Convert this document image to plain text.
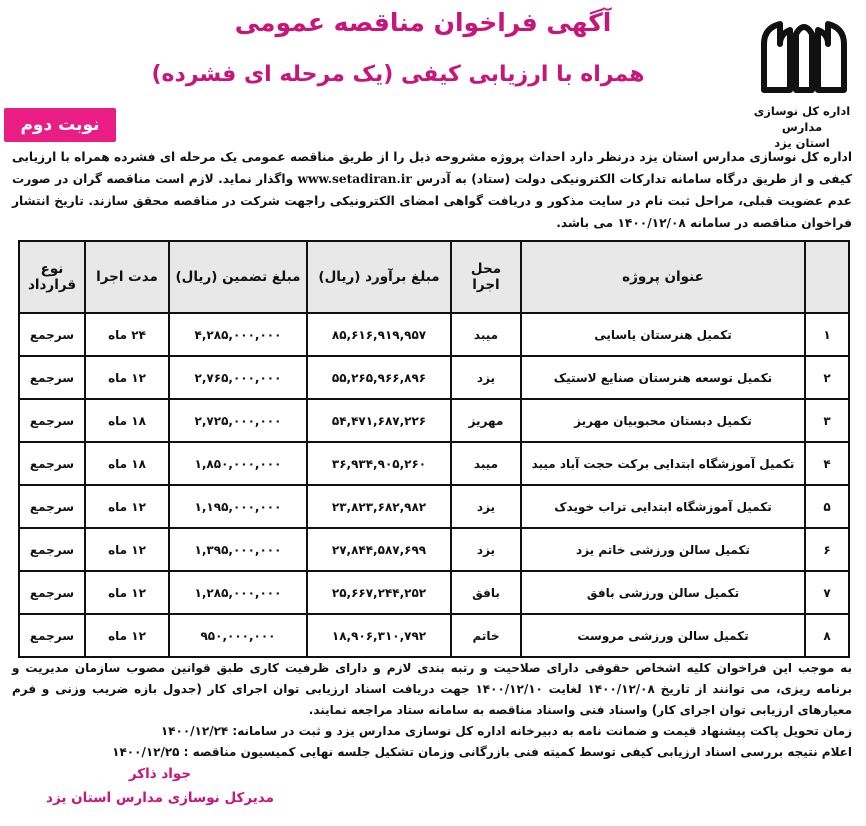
اداره کل نوسازی مدارس
استان یزد
آگهی فراخوان مناقصه عمومی
همراه با ارزیابی کیفی (یک مرحله ای فشرده)
نوبت دوم
اداره کل نوسازی مدارس استان یزد درنظر دارد احداث پروژه مشروحه ذیل را از طریق مناقصه عمومی یک مرحله ای فشرده همراه با ارزیابی کیفی و از طریق درگاه سامانه تدارکات الکترونیکی دولت (ستاد) به آدرس www.setadiran.ir واگذار نماید. لازم است مناقصه گران در صورت عدم عضویت قبلی، مراحل ثبت نام در سایت مذکور و دریافت گواهی امضای الکترونیکی راجهت شرکت در مناقصه محقق سازند. تاریخ انتشار فراخوان مناقصه در سامانه ۱۴۰۰/۱۲/۰۸ می باشد.
	عنوان پروژه	محل اجرا	مبلغ برآورد (ریال)	مبلغ تضمین (ریال)	مدت اجرا	نوع قرارداد
۱	تکمیل هنرستان یاسایی	میبد	۸۵,۶۱۶,۹۱۹,۹۵۷	۴,۲۸۵,۰۰۰,۰۰۰	۲۴ ماه	سرجمع
۲	تکمیل توسعه هنرستان صنایع لاستیک	یزد	۵۵,۲۶۵,۹۶۶,۸۹۶	۲,۷۶۵,۰۰۰,۰۰۰	۱۲ ماه	سرجمع
۳	تکمیل دبستان محبوبیان مهریز	مهریز	۵۴,۴۷۱,۶۸۷,۲۲۶	۲,۷۲۵,۰۰۰,۰۰۰	۱۸ ماه	سرجمع
۴	تکمیل آموزشگاه ابتدایی برکت حجت آباد میبد	میبد	۳۶,۹۳۴,۹۰۵,۲۶۰	۱,۸۵۰,۰۰۰,۰۰۰	۱۸ ماه	سرجمع
۵	تکمیل آموزشگاه ابتدایی تراب خویدک	یزد	۲۳,۸۲۳,۶۸۲,۹۸۲	۱,۱۹۵,۰۰۰,۰۰۰	۱۲ ماه	سرجمع
۶	تکمیل سالن ورزشی خاتم یزد	یزد	۲۷,۸۴۴,۵۸۷,۶۹۹	۱,۳۹۵,۰۰۰,۰۰۰	۱۲ ماه	سرجمع
۷	تکمیل سالن ورزشی بافق	بافق	۲۵,۶۶۷,۲۴۴,۲۵۲	۱,۲۸۵,۰۰۰,۰۰۰	۱۲ ماه	سرجمع
۸	تکمیل سالن ورزشی مروست	خاتم	۱۸,۹۰۶,۳۱۰,۷۹۲	۹۵۰,۰۰۰,۰۰۰	۱۲ ماه	سرجمع

به موجب این فراخوان کلیه اشخاص حقوقی دارای صلاحیت و رتبه بندی لازم و دارای ظرفیت کاری طبق قوانین مصوب سازمان مدیریت و برنامه ریزی، می توانند از تاریخ ۱۴۰۰/۱۲/۰۸ لغایت ۱۴۰۰/۱۲/۱۰ جهت دریافت اسناد ارزیابی توان اجرای کار (جدول بازه ضریب وزنی و فرم معیارهای ارزیابی توان اجرای کار) واسناد فنی واسناد مناقصه به سامانه ستاد مراجعه نمایند.

زمان تحویل پاکت پیشنهاد قیمت و ضمانت نامه به دبیرخانه اداره کل نوسازی مدارس یزد و ثبت در سامانه: ۱۴۰۰/۱۲/۲۴

اعلام نتیجه بررسی اسناد ارزیابی کیفی توسط کمیته فنی بازرگانی وزمان تشکیل جلسه نهایی کمیسیون مناقصه : ۱۴۰۰/۱۲/۲۵

جواد ذاکر
مدیرکل نوسازی مدارس استان یزد
